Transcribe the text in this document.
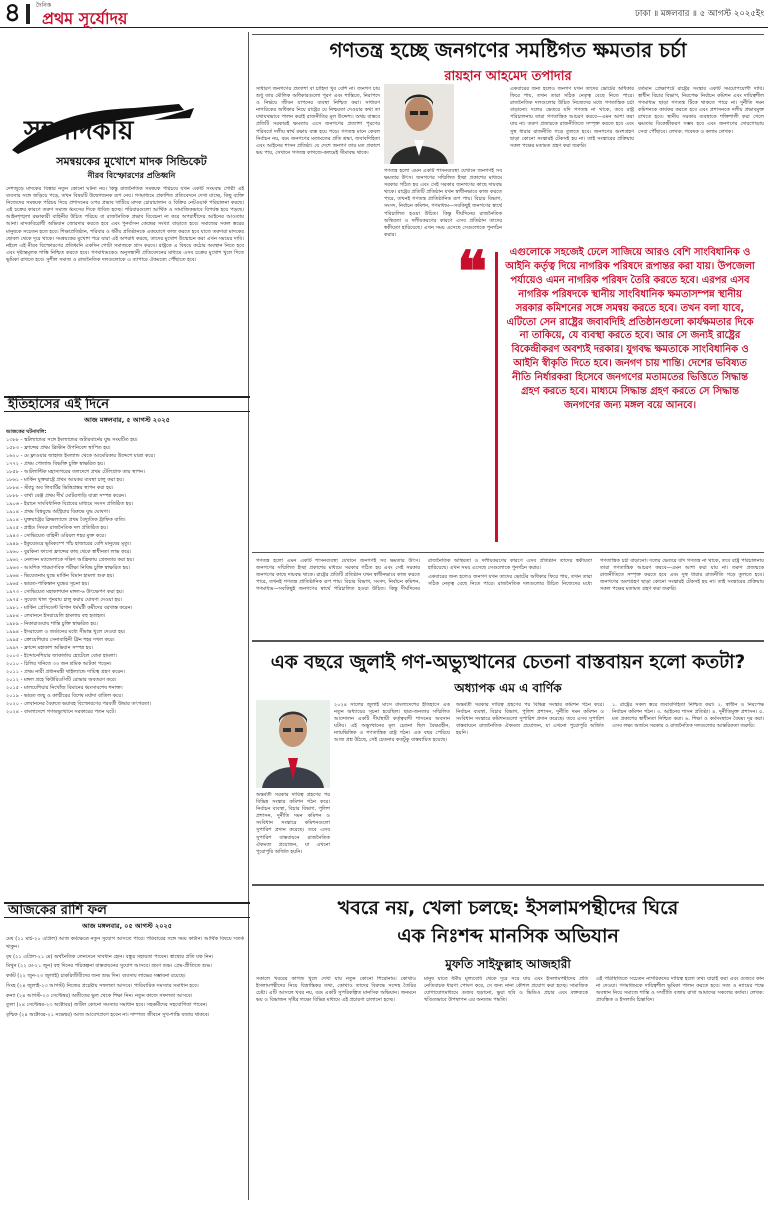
৪	দৈনিক
প্রথম সূর্যোদয়	ঢাকা ॥ মঙ্গলবার ॥ ৫ আগস্ট ২০২৫ইং
গণতন্ত্র হচ্ছে জনগণের সমষ্টিগত ক্ষমতার চর্চা
রায়হান আহমেদ তপাদার
সম্পাদকীয়
সমন্বয়কের মুখোশে মাদক সিন্ডিকেট
নীরব বিস্ফোরণের প্রতিধ্বনি

দেশজুড়ে মাদকের বিস্তার নতুন কোনো ঘটনা নয়। কিন্তু রাজনৈতিক সমন্বয়ক পরিচয়ে যখন একটি সংঘবদ্ধ গোষ্ঠী এই ব্যবসার সঙ্গে জড়িয়ে পড়ে, তখন বিষয়টি উদ্বেগজনক রূপ নেয়। গণমাধ্যমে প্রকাশিত প্রতিবেদনে দেখা যাচ্ছে, কিছু ব্যক্তি নিজেদের সমন্বয়ক পরিচয় দিয়ে প্রশাসনের ওপর প্রভাব খাটিয়ে মাদক চোরাচালান ও বিক্রির নেটওয়ার্ক পরিচালনা করছে। এই চক্রের কারণে তরুণ সমাজ ধ্বংসের দিকে ধাবিত হচ্ছে। পরিবারগুলো আর্থিক ও সামাজিকভাবে বিপর্যস্ত হয়ে পড়ছে। আইনশৃঙ্খলা রক্ষাকারী বাহিনীর উচিত পরিচয় বা রাজনৈতিক প্রভাব বিবেচনা না করে অপরাধীদের আইনের আওতায় আনা। মাদকবিরোধী অভিযান জোরদার করতে হবে এবং পুনর্বাসন কেন্দ্রের সংখ্যা বাড়াতে হবে। সমাজের সকল স্তরের মানুষকে সচেতন হতে হবে। শিক্ষাপ্রতিষ্ঠান, পরিবার ও ধর্মীয় প্রতিষ্ঠানকে একযোগে কাজ করতে হবে যাতে তরুণরা মাদকের ছোবল থেকে দূরে থাকে। সমন্বয়কের মুখোশ পরে যারা এই অপরাধ করছে, তাদের মুখোশ উন্মোচন করা এখন সময়ের দাবি। নইলে এই নীরব বিস্ফোরণের প্রতিধ্বনি একদিন গোটা সমাজকে গ্রাস করবে। রাষ্ট্রকে এ বিষয়ে কঠোর অবস্থান নিতে হবে এবং দৃষ্টান্তমূলক শাস্তি নিশ্চিত করতে হবে। গণমাধ্যমকেও অনুসন্ধানী প্রতিবেদনের মাধ্যমে এসব চক্রের মুখোশ খুলে দিতে ভূমিকা রাখতে হবে। সুশীল সমাজ ও রাজনৈতিক দলগুলোকে এ ব্যাপারে ঐকমত্যে পৌঁছাতে হবে।

ইতিহাসের এই দিনে
আজ মঙ্গলবার, ৫ আগস্ট ২০২৫
আজকের ঘটনাবলি:
১৩৮৮ - স্কটল্যান্ডের সঙ্গে ইংল্যান্ডের অটারবার্নের যুদ্ধ সংঘটিত হয়।
১৫৮৩ - ফ্রান্সের প্রথম খ্রিস্টান উপনিবেশ স্থাপিত হয়।
১৬২০ - মে ফ্লাওয়ার জাহাজ ইংল্যান্ড থেকে আমেরিকার উদ্দেশে যাত্রা করে।
১৭৭২ - প্রথম পোলান্ড বিভক্তি চুক্তি স্বাক্ষরিত হয়।
১৮৫৮ - আটলান্টিক মহাসাগরের তলদেশে প্রথম টেলিগ্রাফ তার স্থাপন।
১৮৬১ - মার্কিন যুক্তরাষ্ট্রে প্রথম আয়কর ব্যবস্থা চালু করা হয়।
১৮৮৪ - স্ট্যাচু অব লিবার্টির ভিত্তিপ্রস্তর স্থাপন করা হয়।
১৮৮৮ - বার্থা বেঞ্জ প্রথম দীর্ঘ মোটরগাড়ি যাত্রা সম্পন্ন করেন।
১৯০৬ - ইরানে সাংবিধানিক বিপ্লবের মাধ্যমে সংসদ প্রতিষ্ঠিত হয়।
১৯১৪ - প্রথম বিশ্বযুদ্ধে অস্ট্রিয়ার বিরুদ্ধে যুদ্ধ ঘোষণা।
১৯১৪ - যুক্তরাষ্ট্রের ক্লিভল্যান্ডে প্রথম বৈদ্যুতিক ট্রাফিক বাতি।
১৯২৫ - প্লাইড সিমরু রাজনৈতিক দল প্রতিষ্ঠিত হয়।
১৯৪৩ - সোভিয়েত বাহিনী ওরিয়ল শহর মুক্ত করে।
১৯৪৯ - ইকুয়েডরে ভূমিকম্পে পাঁচ হাজারের বেশি মানুষের মৃত্যু।
১৯৬০ - বুরকিনা ফাসো ফ্রান্সের কাছ থেকে স্বাধীনতা লাভ করে।
১৯৬২ - নেলসন ম্যান্ডেলাকে দক্ষিণ আফ্রিকায় গ্রেফতার করা হয়।
১৯৬৩ - আংশিক পারমাণবিক পরীক্ষা নিষিদ্ধ চুক্তি স্বাক্ষরিত হয়।
১৯৬৪ - ভিয়েতনাম যুদ্ধে মার্কিন বিমান হামলা শুরু হয়।
১৯৬৫ - ভারত-পাকিস্তান যুদ্ধের সূচনা হয়।
১৯৭৩ - সোভিয়েত মহাকাশযান মঙ্গল-৬ উৎক্ষেপণ করা হয়।
১৯৭৫ - সুয়েজ খাল পুনরায় চালু করার ঘোষণা দেওয়া হয়।
১৯৮১ - মার্কিন প্রেসিডেন্ট রিগান ধর্মঘটী কর্মীদের বরখাস্ত করেন।
১৯৮৪ - লেবাননে ইসরায়েলি হামলায় বহু হতাহত।
১৯৮৯ - নিকারাগুয়ায় শান্তি চুক্তি স্বাক্ষরিত হয়।
১৯৯৪ - ইসরায়েল ও জর্ডানের মধ্যে সীমান্ত খুলে দেওয়া হয়।
১৯৯৫ - ক্রোয়েশিয়ার সেনাবাহিনী ক্নিন শহর দখল করে।
১৯৯৭ - ফ্রান্সে মহাকাশ অভিযান সম্পন্ন হয়।
২০০৩ - ইন্দোনেশিয়ার জাকার্তায় হোটেলে বোমা হামলা।
২০১০ - চিলির খনিতে ৩৩ জন শ্রমিক আটকা পড়েন।
২০১১ - প্রথম নারী প্রধানমন্ত্রী থাইল্যান্ডে দায়িত্ব গ্রহণ করেন।
২০১২ - মঙ্গল গ্রহে কিউরিওসিটি রোভার অবতরণ করে।
২০১৫ - মালয়েশিয়ার নিখোঁজ বিমানের ধ্বংসাবশেষ শনাক্ত।
২০১৯ - ভারত জম্মু ও কাশ্মীরের বিশেষ মর্যাদা বাতিল করে।
২০২০ - লেবাননের বৈরুতে ভয়াবহ বিস্ফোরণের পরবর্তী উদ্ধার তৎপরতা।
২০২৪ - বাংলাদেশে গণঅভ্যুত্থানে সরকারের পতন ঘটে।
আজকের রাশি ফল
আজ মঙ্গলবার, ০৫ আগস্ট ২০২৫

মেষ (২১ মার্চ-২০ এপ্রিল) আজ কর্মক্ষেত্রে নতুন সুযোগ আসতে পারে। পরিবারের সঙ্গে সময় কাটান। আর্থিক বিষয়ে সতর্ক থাকুন।

বৃষ (২১ এপ্রিল-২১ মে) অর্থনৈতিক লেনদেনে সাবধান হোন। বন্ধুর সহায়তা পাবেন। স্বাস্থ্যের প্রতি যত্ন নিন।

মিথুন (২২ মে-২১ জুন) বহু দিনের পরিকল্পনা বাস্তবায়নের সুযোগ আসবে। ভ্রমণ শুভ। প্রেম-প্রীতিতে শুভ।

কর্কট (২২ জুন-২৩ জুলাই) চাকরিজীবীদের জন্য শুভ দিন। ব্যবসায় লাভের সম্ভাবনা রয়েছে।

সিংহ (২৪ জুলাই-২৩ আগস্ট) নিজের প্রচেষ্টায় সফলতা আসবে। পারিবারিক সমস্যার সমাধান হবে।

কন্যা (২৪ আগস্ট-২৩ সেপ্টেম্বর) অতীতের ভুল থেকে শিক্ষা নিন। নতুন কাজে সফলতা আসবে।

তুলা (২৪ সেপ্টেম্বর-২৩ অক্টোবর) জটিল কোনো সমস্যার সমাধান হবে। সহকর্মীদের সহযোগিতা পাবেন।

বৃশ্চিক (২৪ অক্টোবর-২১ নভেম্বর) আজ আবেগপ্রবণ হবেন না। দাম্পত্য জীবনে সুখ-শান্তি বজায় থাকবে।

সাধারণ জনগণের প্রত্যাশা বা চাহিদা খুব বেশি না। জনগণ চায় শুধু তার মৌলিক অধিকারগুলো পূরণ এবং শান্তিতে, নিরাপদে ও নির্ভয়ে জীবন যাপনের ব্যবস্থা নিশ্চিত করা। সাধারণ নাগরিকের অধিকার নিয়ে রাষ্ট্রের যে নিশ্চয়তা দেওয়ার কথা তা যথাযথভাবে পালন করাই রাজনীতির মূল উদ্দেশ্য। অথচ বাস্তবে প্রতিটি সরকারই ক্ষমতায় এসে জনগণের প্রত্যাশা পূরণের পরিবর্তে দলীয় স্বার্থ রক্ষায় ব্যস্ত হয়ে পড়ে। গণতন্ত্র মানে কেবল নির্বাচন নয়, বরং জনগণের মতামতের প্রতি শ্রদ্ধা, জবাবদিহিতা এবং আইনের শাসন প্রতিষ্ঠা। যে দেশে জনগণ তার মত প্রকাশে ভয় পায়, সেখানে গণতন্ত্র কাগজে-কলমেই সীমাবদ্ধ থাকে।

গণতন্ত্র হলো এমন একটি শাসনব্যবস্থা যেখানে জনগণই সব ক্ষমতার উৎস। জনগণের সম্মিলিত ইচ্ছা প্রকাশের মাধ্যমে সরকার গঠিত হয় এবং সেই সরকার জনগণের কাছে দায়বদ্ধ থাকে। রাষ্ট্রের প্রতিটি প্রতিষ্ঠান যখন স্বাধীনভাবে কাজ করতে পারে, তখনই গণতন্ত্র প্রাতিষ্ঠানিক রূপ পায়। বিচার বিভাগ, সংসদ, নির্বাচন কমিশন, গণমাধ্যম—সবকিছুই জনগণের স্বার্থে পরিচালিত হওয়া উচিত। কিন্তু দীর্ঘদিনের রাজনৈতিক অস্থিরতা ও দলীয়করণের কারণে এসব প্রতিষ্ঠান তাদের স্বকীয়তা হারিয়েছে। এখন সময় এসেছে সেগুলোকে পুনর্গঠন করার।

একবারের জন্য হলেও জনগণ যখন তাদের ভোটের অধিকার ফিরে পায়, তখন তারা সঠিক নেতৃত্ব বেছে নিতে পারে। রাজনৈতিক দলগুলোর উচিত নিজেদের মধ্যে গণতান্ত্রিক চর্চা বাড়ানো। দলের ভেতরে যদি গণতন্ত্র না থাকে, তবে রাষ্ট্র পরিচালনায় তারা গণতান্ত্রিক আচরণ করবে—এমন আশা করা যায় না। তরুণ প্রজন্মকে রাজনীতিতে সম্পৃক্ত করতে হবে এবং সুস্থ ধারার রাজনীতি গড়ে তুলতে হবে। জনগণের অংশগ্রহণ ছাড়া কোনো সংস্কারই টেকসই হয় না। তাই সংস্কারের প্রক্রিয়ায় সকল পক্ষের মতামত গ্রহণ করা জরুরি।

বর্তমান প্রেক্ষাপটে রাষ্ট্রের সংস্কার একটি সময়োপযোগী দাবি। স্বাধীন বিচার বিভাগ, নিরপেক্ষ নির্বাচন কমিশন এবং দায়িত্বশীল গণমাধ্যম ছাড়া গণতন্ত্র টিকে থাকতে পারে না। দুর্নীতি দমন কমিশনকে কার্যকর করতে হবে এবং প্রশাসনকে দলীয় প্রভাবমুক্ত রাখতে হবে। স্থানীয় সরকার ব্যবস্থাকে শক্তিশালী করা গেলে ক্ষমতার বিকেন্দ্রীকরণ সম্ভব হবে এবং জনগণের দোরগোড়ায় সেবা পৌঁছাবে। লেখক: গবেষক ও কলাম লেখক।

❝	এগুলোকে সহজেই ঢেলে সাজিয়ে আরও বেশি সাংবিধানিক ও আইনি কর্তৃত্ব দিয়ে নাগরিক পরিষদে রূপান্তর করা যায়। উপজেলা পর্যায়েও এমন নাগরিক পরিষদ তৈরি করতে হবে। এরপর এসব নাগরিক পরিষদকে স্থানীয় সাংবিধানিক ক্ষমতাসম্পন্ন স্থানীয় সরকার কমিশনের সঙ্গে সমন্বয় করতে হবে। তখন বলা যাবে, এটিতো সেন রাষ্ট্রের জবাবদিহি প্রতিষ্ঠানগুলো কার্যক্ষমতার দিকে না তাকিয়ে, যে ব্যবস্থা করতে হবে। আর সে জন্যই রাষ্ট্রের বিকেন্দ্রীকরণ অবশ্যই দরকার। যুগবদ্ধ ক্ষমতাকে সাংবিধানিক ও আইনি স্বীকৃতি দিতে হবে। জনগণ চায় শান্তি। দেশের ভবিষ্যত নীতি নির্ধারকরা হিসেবে জনগণের মতামতের ভিত্তিতে সিদ্ধান্ত গ্রহণ করতে হবে। মাধ্যমে সিদ্ধান্ত গ্রহণ করতে সে সিদ্ধান্ত জনগণের জন্য মঙ্গল বয়ে আনবে।

গণতন্ত্র হলো এমন একটি শাসনব্যবস্থা যেখানে জনগণই সব ক্ষমতার উৎস। জনগণের সম্মিলিত ইচ্ছা প্রকাশের মাধ্যমে সরকার গঠিত হয় এবং সেই সরকার জনগণের কাছে দায়বদ্ধ থাকে। রাষ্ট্রের প্রতিটি প্রতিষ্ঠান যখন স্বাধীনভাবে কাজ করতে পারে, তখনই গণতন্ত্র প্রাতিষ্ঠানিক রূপ পায়। বিচার বিভাগ, সংসদ, নির্বাচন কমিশন, গণমাধ্যম—সবকিছুই জনগণের স্বার্থে পরিচালিত হওয়া উচিত। কিন্তু দীর্ঘদিনের রাজনৈতিক অস্থিরতা ও দলীয়করণের কারণে এসব প্রতিষ্ঠান তাদের স্বকীয়তা হারিয়েছে। এখন সময় এসেছে সেগুলোকে পুনর্গঠন করার।

একবারের জন্য হলেও জনগণ যখন তাদের ভোটের অধিকার ফিরে পায়, তখন তারা সঠিক নেতৃত্ব বেছে নিতে পারে। রাজনৈতিক দলগুলোর উচিত নিজেদের মধ্যে গণতান্ত্রিক চর্চা বাড়ানো। দলের ভেতরে যদি গণতন্ত্র না থাকে, তবে রাষ্ট্র পরিচালনায় তারা গণতান্ত্রিক আচরণ করবে—এমন আশা করা যায় না। তরুণ প্রজন্মকে রাজনীতিতে সম্পৃক্ত করতে হবে এবং সুস্থ ধারার রাজনীতি গড়ে তুলতে হবে। জনগণের অংশগ্রহণ ছাড়া কোনো সংস্কারই টেকসই হয় না। তাই সংস্কারের প্রক্রিয়ায় সকল পক্ষের মতামত গ্রহণ করা জরুরি।

এক বছরে জুলাই গণ-অভ্যুত্থানের চেতনা বাস্তবায়ন হলো কতটা?
অধ্যাপক এম এ বার্ণিক

২০২৪ সালের জুলাই মাসে বাংলাদেশের ইতিহাসে এক নতুন অধ্যায়ের সূচনা হয়েছিল। ছাত্র-জনতার সম্মিলিত আন্দোলন একটি দীর্ঘস্থায়ী কর্তৃত্ববাদী শাসনের অবসান ঘটায়। এই অভ্যুত্থানের মূল চেতনা ছিল বৈষম্যহীন, ন্যায়ভিত্তিক ও গণতান্ত্রিক রাষ্ট্র গঠন। এক বছর পেরিয়ে আজ প্রশ্ন উঠছে, সেই চেতনার কতটুকু বাস্তবায়িত হয়েছে।

অন্তর্বর্তী সরকার দায়িত্ব গ্রহণের পর বিভিন্ন সংস্কার কমিশন গঠন করে। নির্বাচন ব্যবস্থা, বিচার বিভাগ, পুলিশ প্রশাসন, দুর্নীতি দমন কমিশন ও সংবিধান সংস্কারে কমিশনগুলো সুপারিশ প্রদান করেছে। তবে এসব সুপারিশ বাস্তবায়নে রাজনৈতিক ঐকমত্য প্রয়োজন, যা এখনো পুরোপুরি অর্জিত হয়নি।

অন্তর্বর্তী সরকার দায়িত্ব গ্রহণের পর বিভিন্ন সংস্কার কমিশন গঠন করে। নির্বাচন ব্যবস্থা, বিচার বিভাগ, পুলিশ প্রশাসন, দুর্নীতি দমন কমিশন ও সংবিধান সংস্কারে কমিশনগুলো সুপারিশ প্রদান করেছে। তবে এসব সুপারিশ বাস্তবায়নে রাজনৈতিক ঐকমত্য প্রয়োজন, যা এখনো পুরোপুরি অর্জিত হয়নি।

১. রাষ্ট্রের সকল স্তরে জবাবদিহিতা নিশ্চিত করা। ২. স্বাধীন ও নিরপেক্ষ নির্বাচন কমিশন গঠন। ৩. আইনের শাসন প্রতিষ্ঠা। ৪. দুর্নীতিমুক্ত প্রশাসন। ৫. মত প্রকাশের স্বাধীনতা নিশ্চিত করা। ৬. শিক্ষা ও কর্মসংস্থানে বৈষম্য দূর করা। এসব লক্ষ্য অর্জনে সরকার ও রাজনৈতিক দলগুলোর আন্তরিকতা জরুরি।

খবরে নয়, খেলা চলছে: ইসলামপন্থীদের ঘিরে
এক নিঃশব্দ মানসিক অভিযান
মুফতি সাইফুল্লাহ আজহারী

সকালে খবরের কাগজ খুলে দেখা যায় নতুন কোনো শিরোনাম। কোথাও ইসলামপন্থীদের নিয়ে বিভ্রান্তিকর তথ্য, কোথাও তাদের বিরুদ্ধে সন্দেহ তৈরির চেষ্টা। এটি আসলে খবর নয়, বরং একটি সুপরিকল্পিত মানসিক অভিযান। জনমনে ভয় ও বিভাজন সৃষ্টির লক্ষ্যে বিভিন্ন মাধ্যমে এই প্রচারণা চালানো হচ্ছে।

মানুষ যাতে ধর্মীয় মূল্যবোধ থেকে দূরে সরে যায় এবং ইসলামপন্থীদের প্রতি নেতিবাচক ধারণা পোষণ করে, সে জন্য নানা কৌশল প্রয়োগ করা হচ্ছে। সামাজিক যোগাযোগমাধ্যমে গুজব ছড়ানো, ভুয়া ছবি ও ভিডিও প্রচার এবং বক্তব্যকে খণ্ডিতভাবে উপস্থাপন এর অন্যতম পদ্ধতি।

এই পরিস্থিতিতে সচেতন নাগরিকদের দায়িত্ব হলো তথ্য যাচাই করা এবং গুজবে কান না দেওয়া। গণমাধ্যমকে দায়িত্বশীল ভূমিকা পালন করতে হবে। সত্য ও ন্যায়ের পক্ষে অবস্থান নিয়ে সমাজে শান্তি ও সম্প্রীতি বজায় রাখা আমাদের সকলের কর্তব্য। লেখক: প্রাবন্ধিক ও ইসলামি চিন্তাবিদ।
